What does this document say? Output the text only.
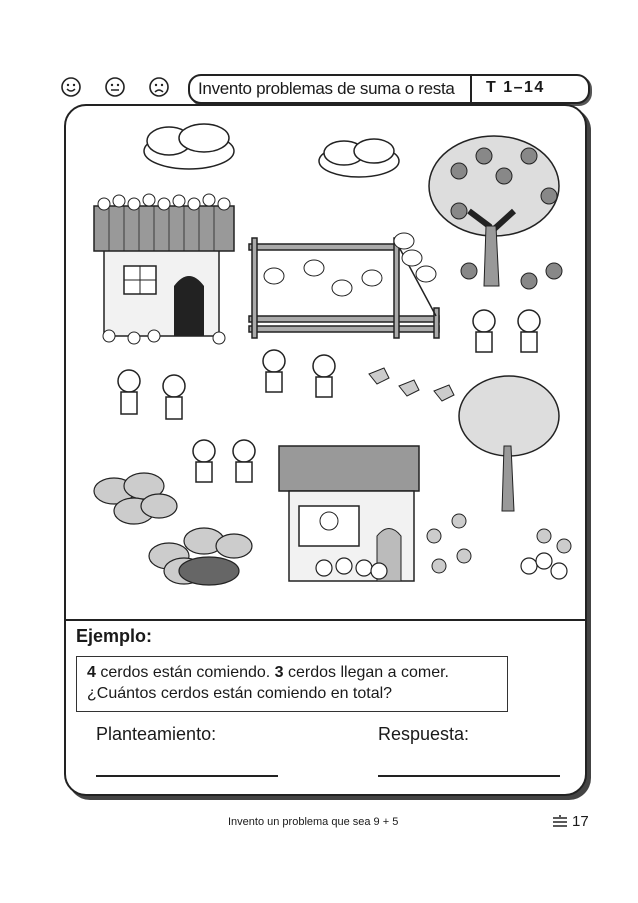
Invento problemas de suma o resta T 1–14
Ejemplo:
4 cerdos están comiendo. 3 cerdos llegan a comer.
¿Cuántos cerdos están comiendo en total?
Planteamiento:	Respuesta:
Invento un problema que sea 9 + 5	17
